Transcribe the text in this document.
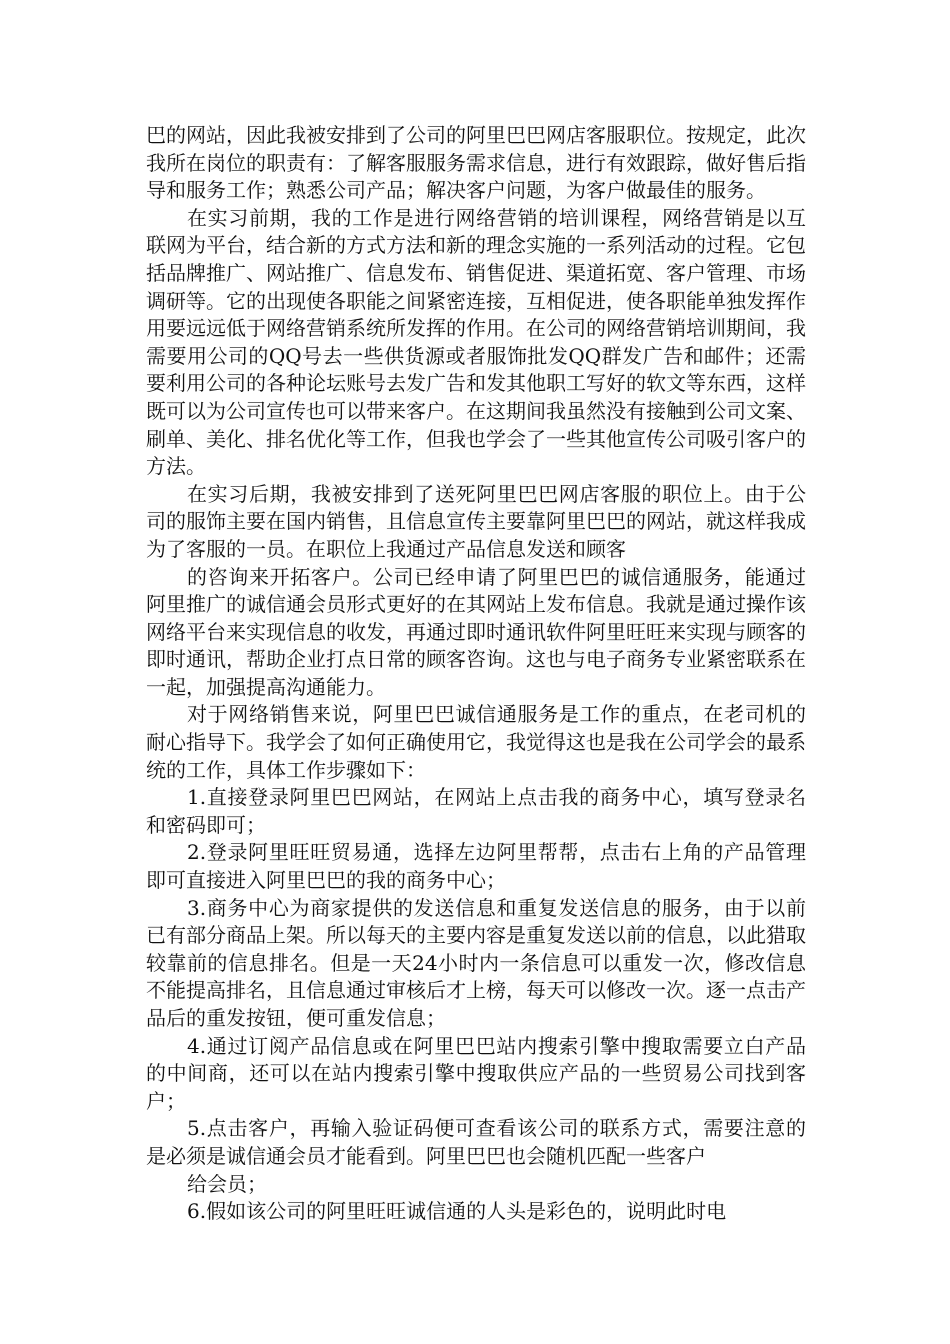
巴的网站，因此我被安排到了公司的阿里巴巴网店客服职位。按规定，此次我所在岗位的职责有：了解客服服务需求信息，进行有效跟踪，做好售后指导和服务工作；熟悉公司产品；解决客户问题，为客户做最佳的服务。

在实习前期，我的工作是进行网络营销的培训课程，网络营销是以互联网为平台，结合新的方式方法和新的理念实施的一系列活动的过程。它包括品牌推广、网站推广、信息发布、销售促进、渠道拓宽、客户管理、市场调研等。它的出现使各职能之间紧密连接，互相促进，使各职能单独发挥作用要远远低于网络营销系统所发挥的作用。在公司的网络营销培训期间，我需要用公司的QQ号去一些供货源或者服饰批发QQ群发广告和邮件；还需要利用公司的各种论坛账号去发广告和发其他职工写好的软文等东西，这样既可以为公司宣传也可以带来客户。在这期间我虽然没有接触到公司文案、刷单、美化、排名优化等工作，但我也学会了一些其他宣传公司吸引客户的方法。

在实习后期，我被安排到了送死阿里巴巴网店客服的职位上。由于公司的服饰主要在国内销售，且信息宣传主要靠阿里巴巴的网站，就这样我成为了客服的一员。在职位上我通过产品信息发送和顾客

的咨询来开拓客户。公司已经申请了阿里巴巴的诚信通服务，能通过阿里推广的诚信通会员形式更好的在其网站上发布信息。我就是通过操作该网络平台来实现信息的收发，再通过即时通讯软件阿里旺旺来实现与顾客的即时通讯，帮助企业打点日常的顾客咨询。这也与电子商务专业紧密联系在一起，加强提高沟通能力。

对于网络销售来说，阿里巴巴诚信通服务是工作的重点，在老司机的耐心指导下。我学会了如何正确使用它，我觉得这也是我在公司学会的最系统的工作，具体工作步骤如下：

1.直接登录阿里巴巴网站，在网站上点击我的商务中心，填写登录名和密码即可；

2.登录阿里旺旺贸易通，选择左边阿里帮帮，点击右上角的产品管理即可直接进入阿里巴巴的我的商务中心；

3.商务中心为商家提供的发送信息和重复发送信息的服务，由于以前已有部分商品上架。所以每天的主要内容是重复发送以前的信息，以此猎取较靠前的信息排名。但是一天24小时内一条信息可以重发一次，修改信息不能提高排名，且信息通过审核后才上榜，每天可以修改一次。逐一点击产品后的重发按钮，便可重发信息；

4.通过订阅产品信息或在阿里巴巴站内搜索引擎中搜取需要立白产品的中间商，还可以在站内搜索引擎中搜取供应产品的一些贸易公司找到客户；

5.点击客户，再输入验证码便可查看该公司的联系方式，需要注意的是必须是诚信通会员才能看到。阿里巴巴也会随机匹配一些客户

给会员；

6.假如该公司的阿里旺旺诚信通的人头是彩色的，说明此时电
